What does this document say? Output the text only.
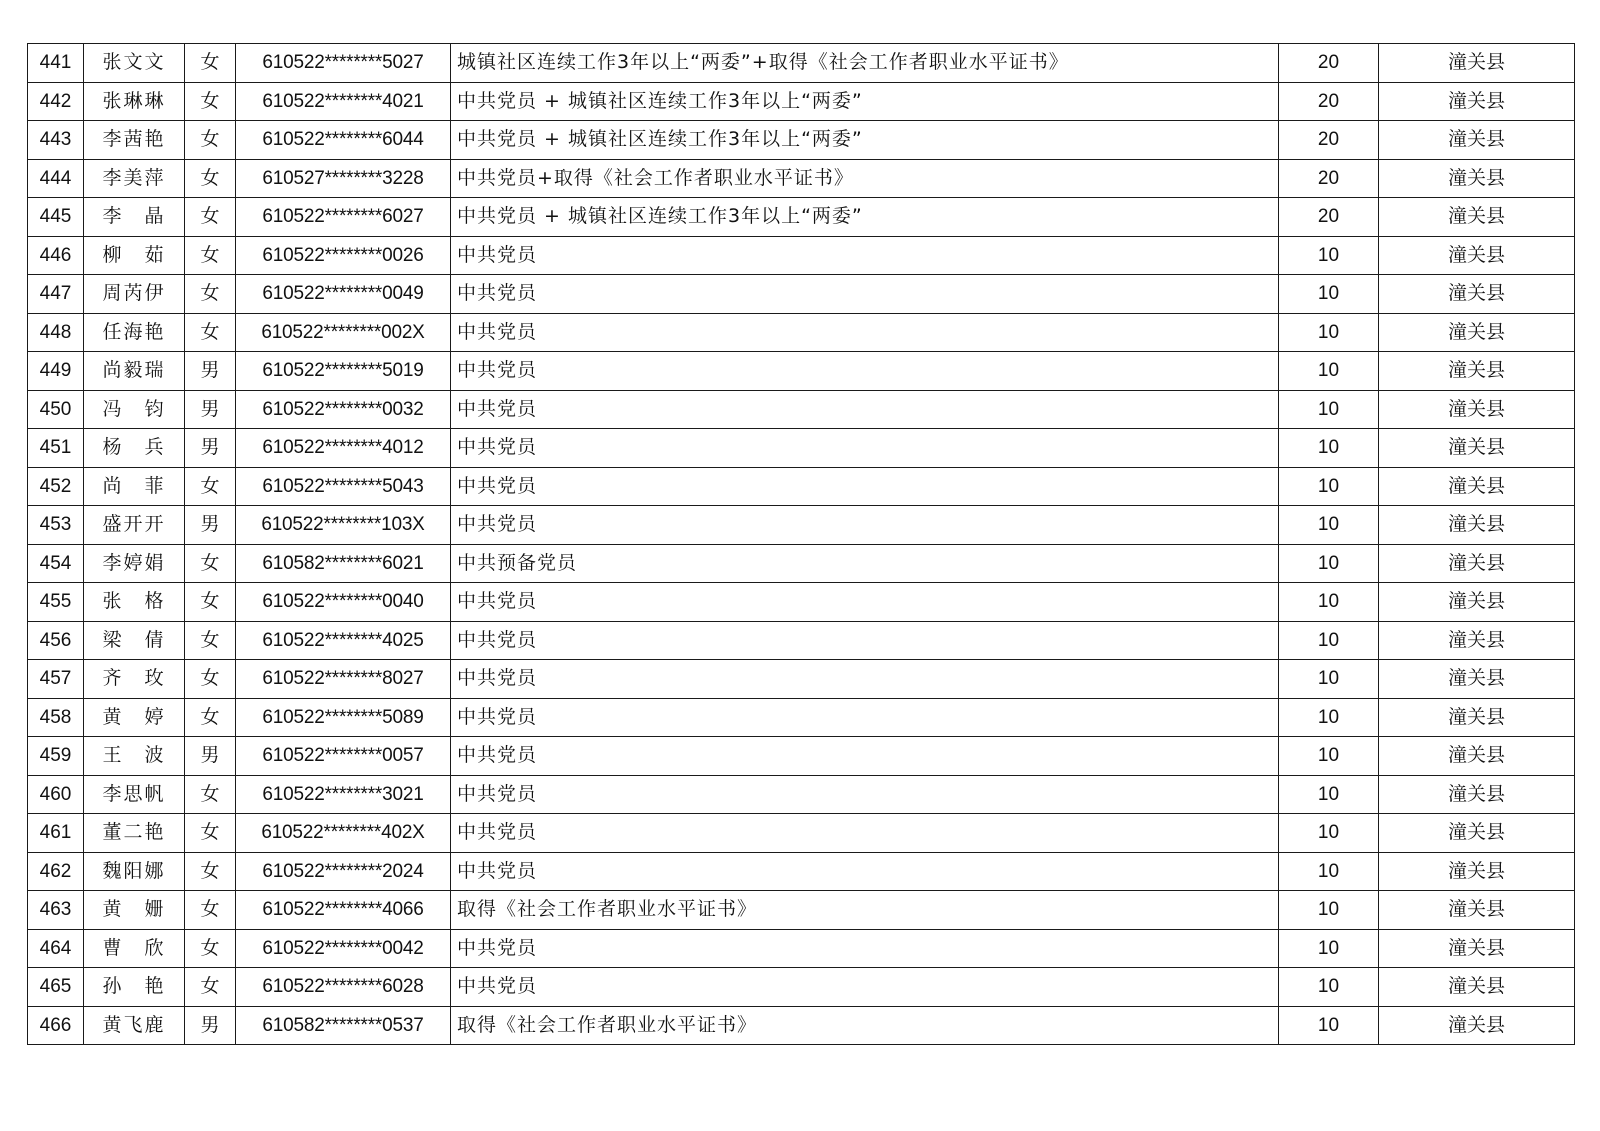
441	张文文	女	610522********5027	城镇社区连续工作3年以上“两委”+取得《社会工作者职业水平证书》	20	潼关县
442	张琳琳	女	610522********4021	中共党员 + 城镇社区连续工作3年以上“两委”	20	潼关县
443	李茜艳	女	610522********6044	中共党员 + 城镇社区连续工作3年以上“两委”	20	潼关县
444	李美萍	女	610527********3228	中共党员+取得《社会工作者职业水平证书》	20	潼关县
445	李　晶	女	610522********6027	中共党员 + 城镇社区连续工作3年以上“两委”	20	潼关县
446	柳　茹	女	610522********0026	中共党员	10	潼关县
447	周芮伊	女	610522********0049	中共党员	10	潼关县
448	任海艳	女	610522********002X	中共党员	10	潼关县
449	尚毅瑞	男	610522********5019	中共党员	10	潼关县
450	冯　钧	男	610522********0032	中共党员	10	潼关县
451	杨　兵	男	610522********4012	中共党员	10	潼关县
452	尚　菲	女	610522********5043	中共党员	10	潼关县
453	盛开开	男	610522********103X	中共党员	10	潼关县
454	李婷娟	女	610582********6021	中共预备党员	10	潼关县
455	张　格	女	610522********0040	中共党员	10	潼关县
456	梁　倩	女	610522********4025	中共党员	10	潼关县
457	齐　玫	女	610522********8027	中共党员	10	潼关县
458	黄　婷	女	610522********5089	中共党员	10	潼关县
459	王　波	男	610522********0057	中共党员	10	潼关县
460	李思帆	女	610522********3021	中共党员	10	潼关县
461	董二艳	女	610522********402X	中共党员	10	潼关县
462	魏阳娜	女	610522********2024	中共党员	10	潼关县
463	黄　姗	女	610522********4066	取得《社会工作者职业水平证书》	10	潼关县
464	曹　欣	女	610522********0042	中共党员	10	潼关县
465	孙　艳	女	610522********6028	中共党员	10	潼关县
466	黄飞鹿	男	610582********0537	取得《社会工作者职业水平证书》	10	潼关县
